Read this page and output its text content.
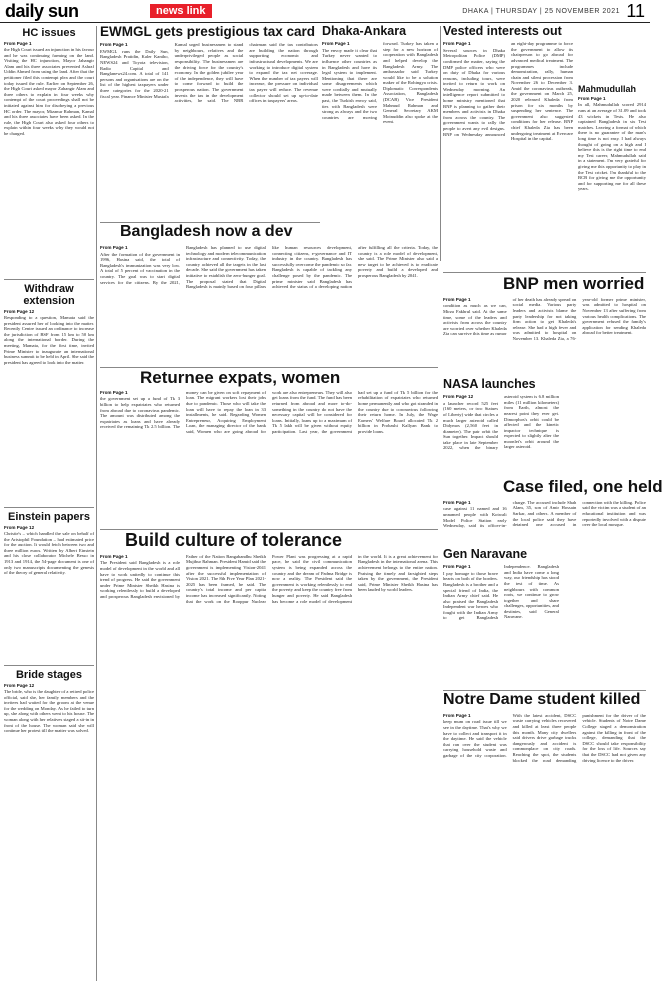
daily sun	news link	DHAKA | THURSDAY | 25 NOVEMBER 2021 11
HC issues
From Page 1
the High Court issued an injunction in his favour and he was continuing farming on the land. Visiting the HC injunction, Mayor Jahangir Alam and his three associates prevented Ashraf Uddin Ahmed from using the land. After that the petitioner filed this contempt plea and the court today issued the rule. Earlier on September 26, the High Court asked mayor Zahangir Alam and three others to explain in four weeks why contempt of the court proceedings shall not be initiated against him for disobeying a previous HC order. The mayor, Mizanur Rahman, Kamal and his three associates have been asked. In the rule, the High Court also asked four others to explain within four weeks why they would not be charged.
Withdraw extension
From Page 12
Responding to a question, Mamata said the president assured her of looking into the matter. Recently Centre issued an ordinance to increase the jurisdiction of BSF from 15 km to 50 km along the international border. During the meeting, Mamata, for the first time, invited Prime Minister to inaugurate an international business summit to be held in April. She said the president has agreed to look into the matter.
Einstein papers
From Page 12
Christie's – which handled the sale on behalf of the Aristophil Foundation – had estimated price for the auction. It would fetch between two and three million euros. Written by Albert Einstein and his close collaborator Michele Besso in 1913 and 1914, the 54-page document is one of only two manuscripts documenting the genesis of the theory of general relativity.
Bride stages
From Page 12
The bride, who is the daughter of a retired police official, said she, her family members and the invitees had waited for the groom at the venue for the wedding on Monday. As he failed to turn up, she along with others went to his house. The woman along with her relatives staged a sit-in in front of the house. The woman said she will continue her protest till the matter was solved.
EWMGL gets prestigious tax card
From Page 1
EWMGL runs the Daily Sun, Bangladesh Pratidin, Kaler Kantho, NEWS24 and Toyota television, Radio Capital and Banglanews24.com. A total of 141 persons and organisations are on the list of the highest taxpayers under three categories for the 2020-21 fiscal year. Finance Minister Mustafa Kamal urged businessmen to stand by neighbours, relatives and the underprivileged people as social responsibility. The businessmen are the driving force for the country's economy. In the golden jubilee year of the independence, they will have to come forward to build the prosperous nation. The government invests the tax in the development activities, he said. The NBR chairman said the tax contributors are building the nation through supporting economic and infrastructural developments. We are working to introduce digital system to expand the tax net coverage. When the number of tax payers will increase, the pressure on individual tax payer will reduce. The revenue collector should set up up-to-date offices in taxpayers' areas.
Dhaka-Ankara
From Page 1
The envoy made it clear that Turkey never wanted to influence other countries as in Bangladesh and have its legal system to implement. Mentioning that there are some disagreements which were cordially and mutually made between them. In the past, the Turkish envoy said, ties with Bangladesh were strong as always and the two countries are moving forward. Turkey has taken a step for a new horizon of cooperation with Bangladesh and helped develop the Bangladesh Army. The ambassador said Turkey would like to be a solution maker of the Rohingya crisis. Diplomatic Correspondents Association, Bangladesh (DCAB) Vice President Mahmud Rahman and General Secretary AKM Moinuddin also spoke at the event.
Vested interests out
From Page 1
Several sources in Dhaka Metropolitan Police (DMP) confirmed the matter, saying the DMP police officers who were on duty of Dhaka for various reasons, including tours, were invited to return to work on Wednesday morning. An intelligence report submitted to home ministry mentioned that BNP is planning to gather their members and activists in Dhaka from across the country. The government wants to rally the people to avert any evil designs. BNP on Wednesday announced an eight-day programme to force the government to allow its chairperson to go abroad for advanced medical treatment. The programmes include demonstration, rally, human chain and silent procession from November 26 to December 3. Amid the coronavirus outbreak, the government on March 25, 2020 released Khaleda from prison for six months by suspending her sentence. The government also suggested conditions for her release. BNP chief Khaleda Zia has been undergoing treatment at Evercare Hospital in the capital.
Mahmudullah
From Page 1
In all, Mahmudullah scored 2914 runs at an average of 31.09 and took 43 wickets in Tests. He also captained Bangladesh in six Test matches. Leaving a format of which there is no guarantee of the man's long time is not easy. I had always thought of going on a high and I believe this is the right time to end my Test career, Mahmudullah said in a statement. I'm very grateful for giving me this opportunity to play in the Test cricket. I'm thankful to the BCB for giving me the opportunity and for supporting me for all these years.
Bangladesh now a dev
From Page 1
After the formation of the government in 1996, Hasina said, the total of Bangladesh's immunization was very low. A total of 5 percent of vaccination in the country. The goal was to start digital services for the citizens. By the 2021, Bangladesh has planned to use digital technology and modern telecommunication infrastructure and connectivity. Today, the country achieved all the targets in the last decade. She said the government has taken initiative to establish the zero-hunger goal. The proposal stated that Digital Bangladesh is mainly based on four pillars like human resources development, connecting citizens, e-governance and IT industry in the country. Bangladesh has successfully overcome the pandemic so far. Bangladesh is capable of tackling any challenge posed by the pandemic. The prime minister said Bangladesh has achieved the status of a developing nation after fulfilling all the criteria. Today, the country is a role model of development, she said. The Prime Minister also said a new target to be achieved is to eradicate poverty and build a developed and prosperous Bangladesh by 2041.	BNP men worried
From Page 1
condition as much as we can, Mirza Fakhrul said. At the same time, some of the leaders and activists from across the country are worried over whether Khaleda Zia can survive this time as rumor of her death has already spread on social media. Various party leaders and activists blame the party leadership for not taking firm action to get Khaleda's release. She had a high fever and was admitted to hospital on November 13. Khaleda Zia, a 76-year-old former prime minister, was admitted to hospital on November 13 after suffering from various health complications. The government refused the family's application for sending Khaleda abroad for better treatment.
Returnee expats, women
From Page 1
the government set up a fund of Tk 3 billion to help expatriates who returned from abroad due to coronavirus pandemic. The amount was distributed among the expatriates as loans and have already received the remaining Tk 2.5 billion. The money can be given on soft repayment of loan. The migrant workers lost their jobs due to pandemic. Those who will take the loan will have to repay the loan in 33 installments, he said. Regarding Women Entrepreneur, Acquiring Employment Loan, the managing director of the bank said, Women who are going abroad for work are also entrepreneurs. They will also get loans from the fund. The fund has been returned from abroad and more to-do-something in the country do not have the necessary capital will be considered for loans. Initially, loans up to a maximum of Tk 5 lakh will be given without equity participation. Last year, the government had set up a fund of Tk 5 billion for the rehabilitation of expatriates who returned home permanently and who got stranded in the country due to coronavirus following their return home. In July, the Wage Earners' Welfare Board allocated Tk 2 billion in Probashi Kallyan Bank to provide loans.
NASA launches
From Page 12
a launcher record 525 feet (160 meters, or two Statues of Liberty) wide that circles a much larger asteroid called Didymos (2,560 feet in diameter). The pair orbit the Sun together. Impact should take place in late September 2022, when the binary asteroid system is 6.8 million miles (11 million kilometers) from Earth, almost the nearest point they ever get. Dimorphos's orbit could be affected and the kinetic impactor technique is expected to slightly alter the moonlet's orbit around the larger asteroid.
Case filed, one held
From Page 1
case against 11 named and 16 unnamed people with Kotwali Model Police Station early Wednesday, said its officer-in-charge. The accused include Shah Alam, 35, son of Amir Hossain Sarkar, and others. A member of the local police said they have detained one accused in connection with the killing. Police said the victim was a student of an educational institution and was reportedly involved with a dispute over the local mosque.
Build culture of tolerance
From Page 1
The President said Bangladesh is a role model of development in the world and all have to work unitedly to continue this trend of progress. He said the government under Prime Minister Sheikh Hasina is working relentlessly to build a developed and prosperous Bangladesh envisioned by Father of the Nation Bangabandhu Sheikh Mujibur Rahman. President Hamid said the government is implementing Vision-2041 after the successful implementation of Vision 2021. The 8th Five Year Plan 2021-2025 has been framed, he said. The country's total income and per capita income has increased significantly. Noting that the work on the Rooppur Nuclear Power Plant was progressing at a rapid pace, he said the civil communication system is being expanded across the country and the dream of Padma Bridge is now a reality. The President said the government is working relentlessly to end the poverty and keep the country free from hunger and poverty. He said Bangladesh has become a role model of development in the world. It is a great achievement for Bangladesh in the international arena. This achievement belongs to the entire nation. Praising the timely and farsighted steps taken by the government, the President said, Prime Minister Sheikh Hasina has been lauded by world leaders.
Gen Naravane
From Page 1
I pay homage to those brave hearts on both of the borders. Bangladesh is a brother and a special friend of India, the Indian Army chief said. He also praised the Bangladesh Independent war heroes who fought with the Indian Army to get Bangladesh Independence. Bangladesh and India have come a long way, our friendship has stood the test of time. As neighbours with common roots, we continue to grow together and share challenges, opportunities, and destinies, said General Naravane.
Notre Dame student killed
From Page 1
keep mum on road issue till we see in the daytime. That's why we have to collect and transport it in the daytime. He said the vehicle that ran over the student was carrying household waste and garbage of the city corporation. With the latest accident, DSCC waste carrying vehicles recovered and killed at least three people this month. Many city dwellers said drivers drive garbage trucks dangerously and accident is commonplace on city roads. Reaching the spot, the students blocked the road demanding punishment for the driver of the vehicle. Students of Notre Dame College staged a demonstration against the killing in front of the college, demanding that the DSCC should take responsibility for the loss of life. Sources say that the DSCC had not given any driving licence to the driver.
